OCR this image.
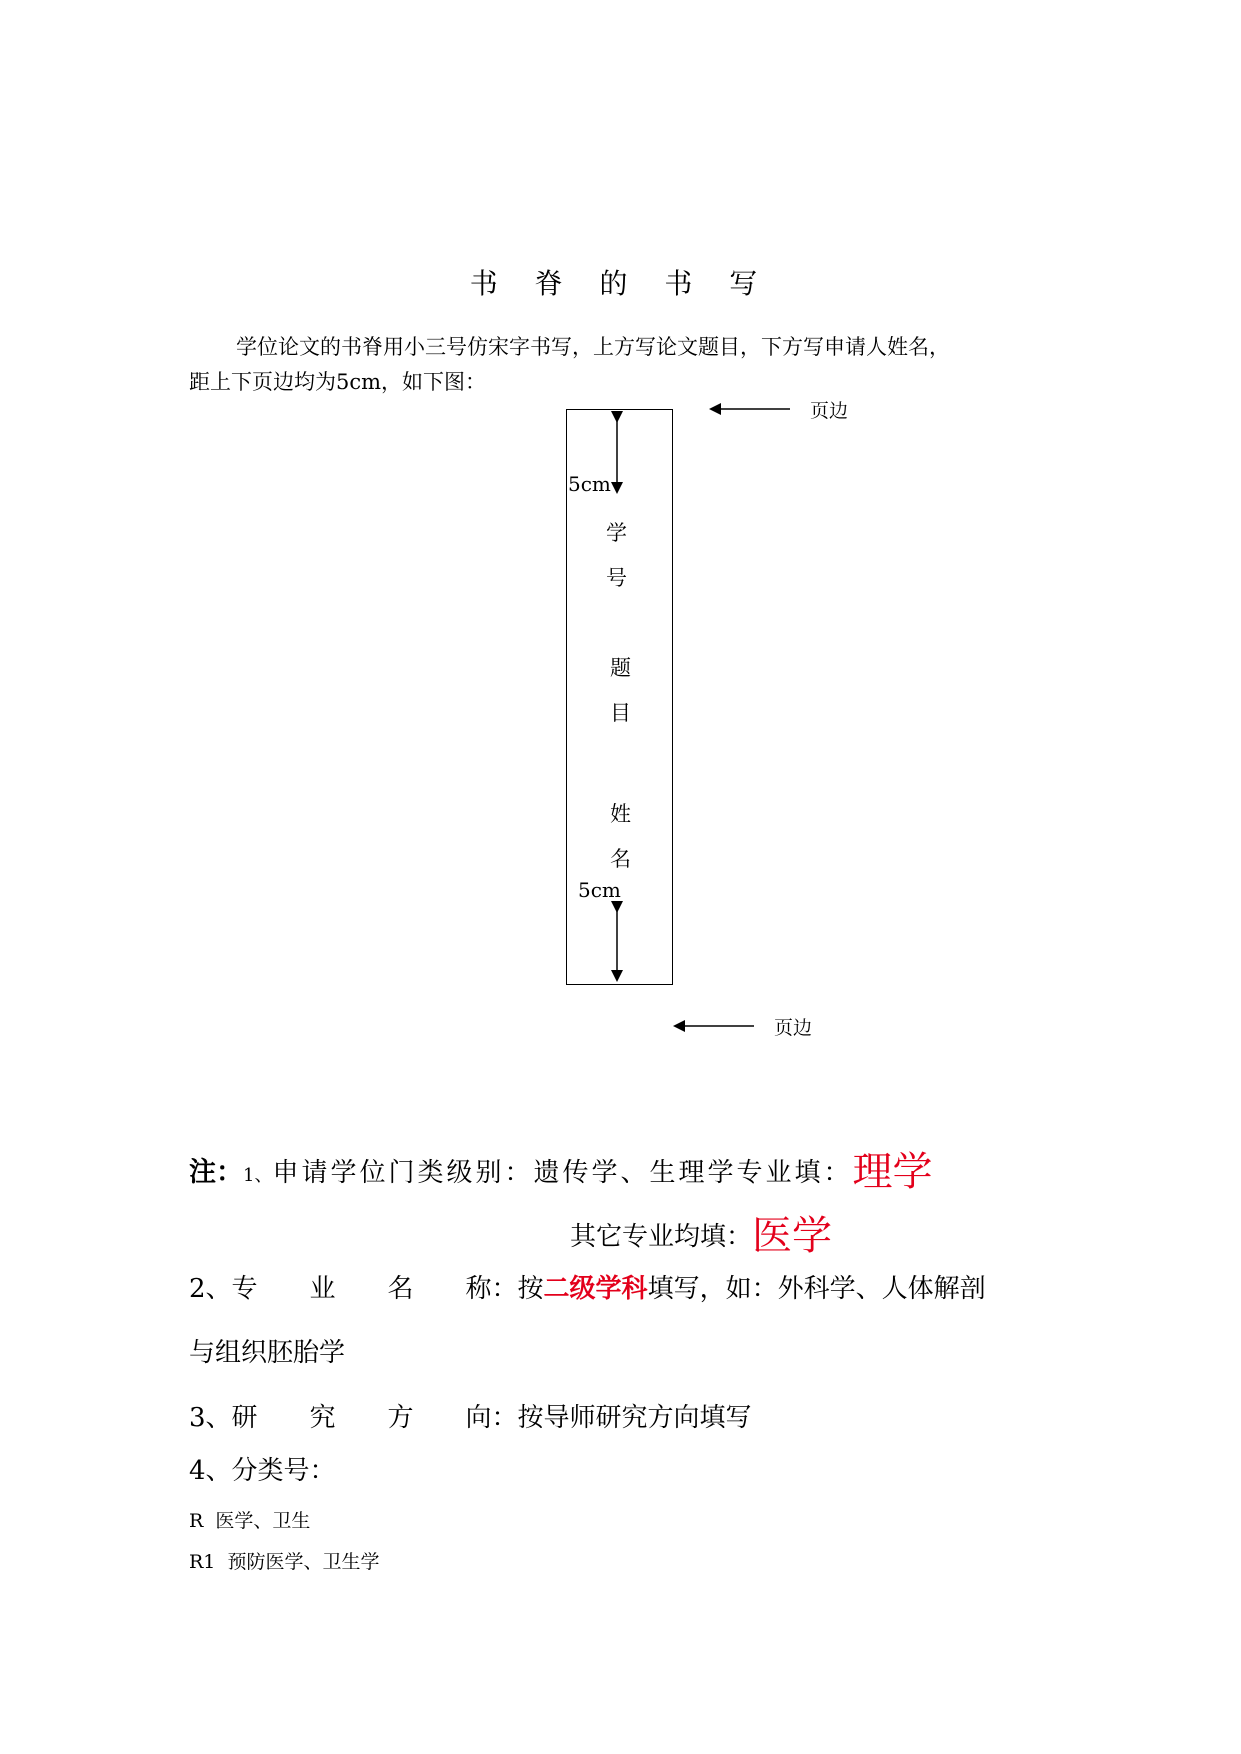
书 脊 的 书 写
学位论文的书脊用小三号仿宋字书写，上方写论文题目，下方写申请人姓名，
距上下页边均为5cm，如下图：
页边
页边
5cm
5cm
学
号
题
目
姓
名
注：1、申请学位门类级别：遗传学、生理学专业填：理学
其它专业均填：医学
2、专　　业　　名　　称：按二级学科填写，如：外科学、人体解剖
与组织胚胎学
3、研　　究　　方　　向：按导师研究方向填写
4、分类号：
R 医学、卫生
R1 预防医学、卫生学
